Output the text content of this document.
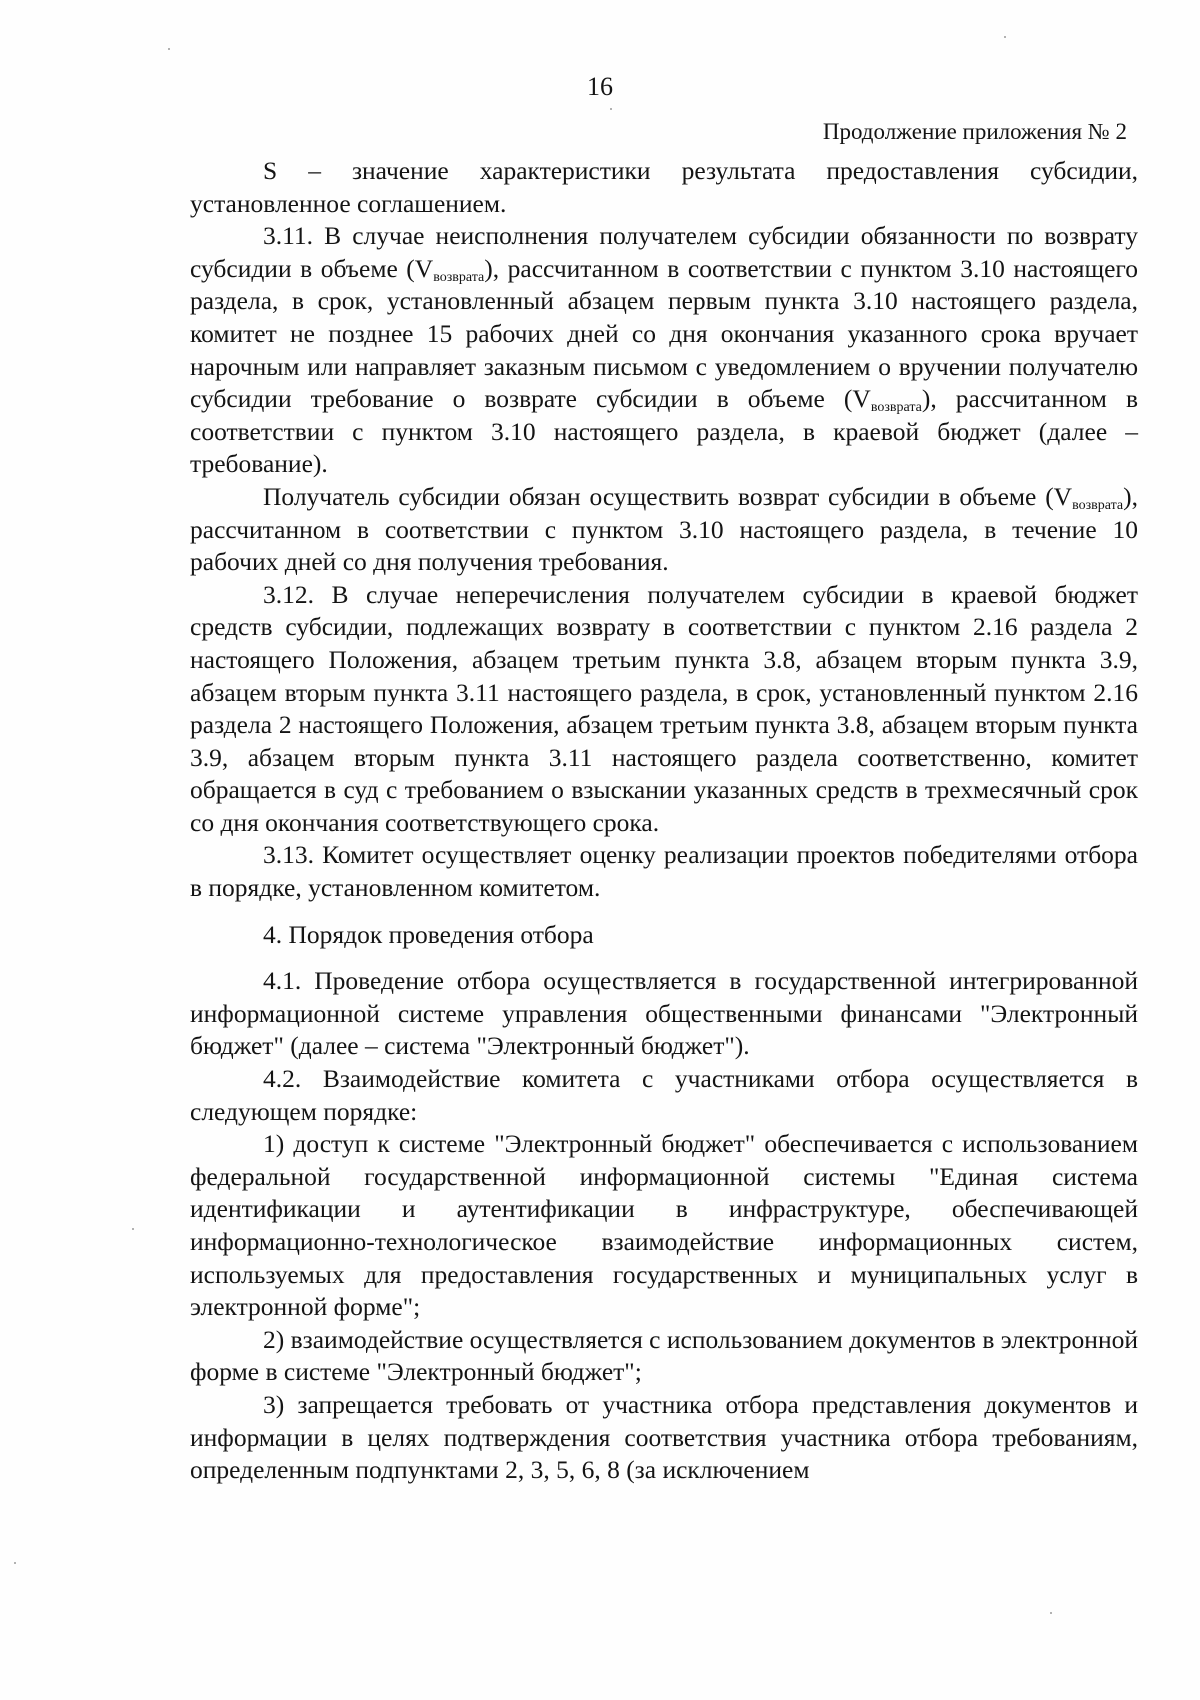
16
Продолжение приложения № 2

S – значение характеристики результата предоставления субсидии, установленное соглашением.

3.11. В случае неисполнения получателем субсидии обязанности по возврату субсидии в объеме $(V_{возврата})$, рассчитанном в соответствии с пунктом 3.10 настоящего раздела, в срок, установленный абзацем первым пункта 3.10 настоящего раздела, комитет не позднее 15 рабочих дней со дня окончания указанного срока вручает нарочным или направляет заказным письмом с уведомлением о вручении получателю субсидии требование о возврате субсидии в объеме $(V_{возврата})$, рассчитанном в соответствии с пунктом 3.10 настоящего раздела, в краевой бюджет (далее – требование).

Получатель субсидии обязан осуществить возврат субсидии в объеме $(V_{возврата})$, рассчитанном в соответствии с пунктом 3.10 настоящего раздела, в течение 10 рабочих дней со дня получения требования.

3.12. В случае неперечисления получателем субсидии в краевой бюджет средств субсидии, подлежащих возврату в соответствии с пунктом 2.16 раздела 2 настоящего Положения, абзацем третьим пункта 3.8, абзацем вторым пункта 3.9, абзацем вторым пункта 3.11 настоящего раздела, в срок, установленный пунктом 2.16 раздела 2 настоящего Положения, абзацем третьим пункта 3.8, абзацем вторым пункта 3.9, абзацем вторым пункта 3.11 настоящего раздела соответственно, комитет обращается в суд с требованием о взыскании указанных средств в трехмесячный срок со дня окончания соответствующего срока.

3.13. Комитет осуществляет оценку реализации проектов победителями отбора в порядке, установленном комитетом.

4. Порядок проведения отбора

4.1. Проведение отбора осуществляется в государственной интегрированной информационной системе управления общественными финансами "Электронный бюджет" (далее – система "Электронный бюджет").

4.2. Взаимодействие комитета с участниками отбора осуществляется в следующем порядке:

1) доступ к системе "Электронный бюджет" обеспечивается с использованием федеральной государственной информационной системы "Единая система идентификации и аутентификации в инфраструктуре, обеспечивающей информационно-технологическое взаимодействие информационных систем, используемых для предоставления государственных и муниципальных услуг в электронной форме";

2) взаимодействие осуществляется с использованием документов в электронной форме в системе "Электронный бюджет";

3) запрещается требовать от участника отбора представления документов и информации в целях подтверждения соответствия участника отбора требованиям, определенным подпунктами 2, 3, 5, 6, 8 (за исключением
